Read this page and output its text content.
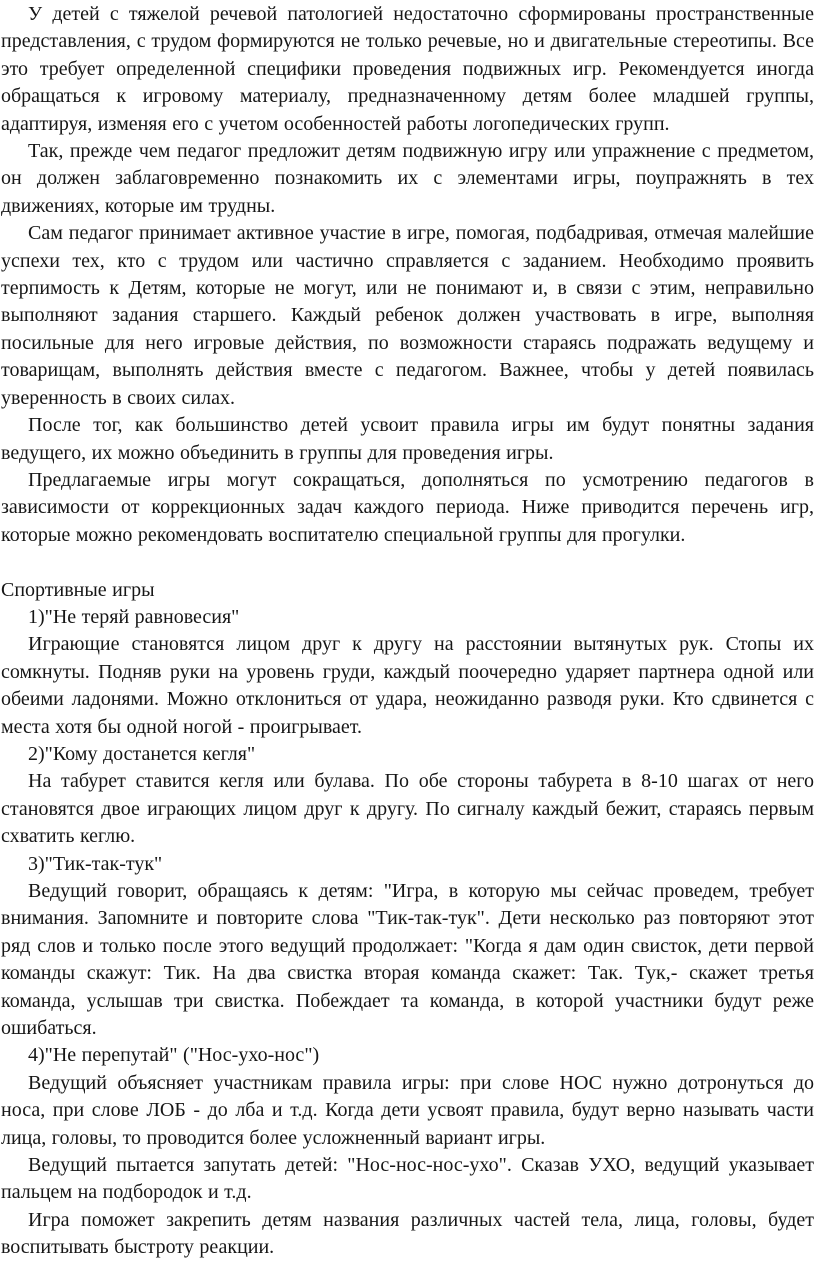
У детей с тяжелой речевой патологией недостаточно сформированы пространственные представления, с трудом формируются не только речевые, но и двигательные стереотипы. Все это требует определенной специфики проведения подвижных игр. Рекомендуется иногда обращаться к игровому материалу, предназначенному детям более младшей группы, адаптируя, изменяя его с учетом особенностей работы логопедических групп.

Так, прежде чем педагог предложит детям подвижную игру или упражнение с предметом, он должен заблаговременно познакомить их с элементами игры, поупражнять в тех движениях, которые им трудны.

Сам педагог принимает активное участие в игре, помогая, подбадривая, отмечая малейшие успехи тех, кто с трудом или частично справляется с заданием. Необходимо проявить терпимость к Детям, которые не могут, или не понимают и, в связи с этим, неправильно выполняют задания старшего. Каждый ребенок должен участвовать в игре, выполняя посильные для него игровые действия, по возможности стараясь подражать ведущему и товарищам, выполнять действия вместе с педагогом. Важнее, чтобы у детей появилась уверенность в своих силах.

После тог, как большинство детей усвоит правила игры им будут понятны задания ведущего, их можно объединить в группы для проведения игры.

Предлагаемые игры могут сокращаться, дополняться по усмотрению педагогов в зависимости от коррекционных задач каждого периода. Ниже приводится перечень игр, которые можно рекомендовать воспитателю специальной группы для прогулки.

Спортивные игры

1)"Не теряй равновесия"

Играющие становятся лицом друг к другу на расстоянии вытянутых рук. Стопы их сомкнуты. Подняв руки на уровень груди, каждый поочередно ударяет партнера одной или обеими ладонями. Можно отклониться от удара, неожиданно разводя руки. Кто сдвинется с места хотя бы одной ногой - проигрывает.

2)"Кому достанется кегля"

На табурет ставится кегля или булава. По обе стороны табурета в 8-10 шагах от него становятся двое играющих лицом друг к другу. По сигналу каждый бежит, стараясь первым схватить кеглю.

3)"Тик-так-тук"

Ведущий говорит, обращаясь к детям: "Игра, в которую мы сейчас проведем, требует внимания. Запомните и повторите слова "Тик-так-тук". Дети несколько раз повторяют этот ряд слов и только после этого ведущий продолжает: "Когда я дам один свисток, дети первой команды скажут: Тик. На два свистка вторая команда скажет: Так. Тук,- скажет третья команда, услышав три свистка. Побеждает та команда, в которой участники будут реже ошибаться.

4)"Не перепутай" ("Нос-ухо-нос")

Ведущий объясняет участникам правила игры: при слове НОС нужно дотронуться до носа, при слове ЛОБ - до лба и т.д. Когда дети усвоят правила, будут верно называть части лица, головы, то проводится более усложненный вариант игры.

Ведущий пытается запутать детей: "Нос-нос-нос-ухо". Сказав УХО, ведущий указывает пальцем на подбородок и т.д.

Игра поможет закрепить детям названия различных частей тела, лица, головы, будет воспитывать быстроту реакции.
